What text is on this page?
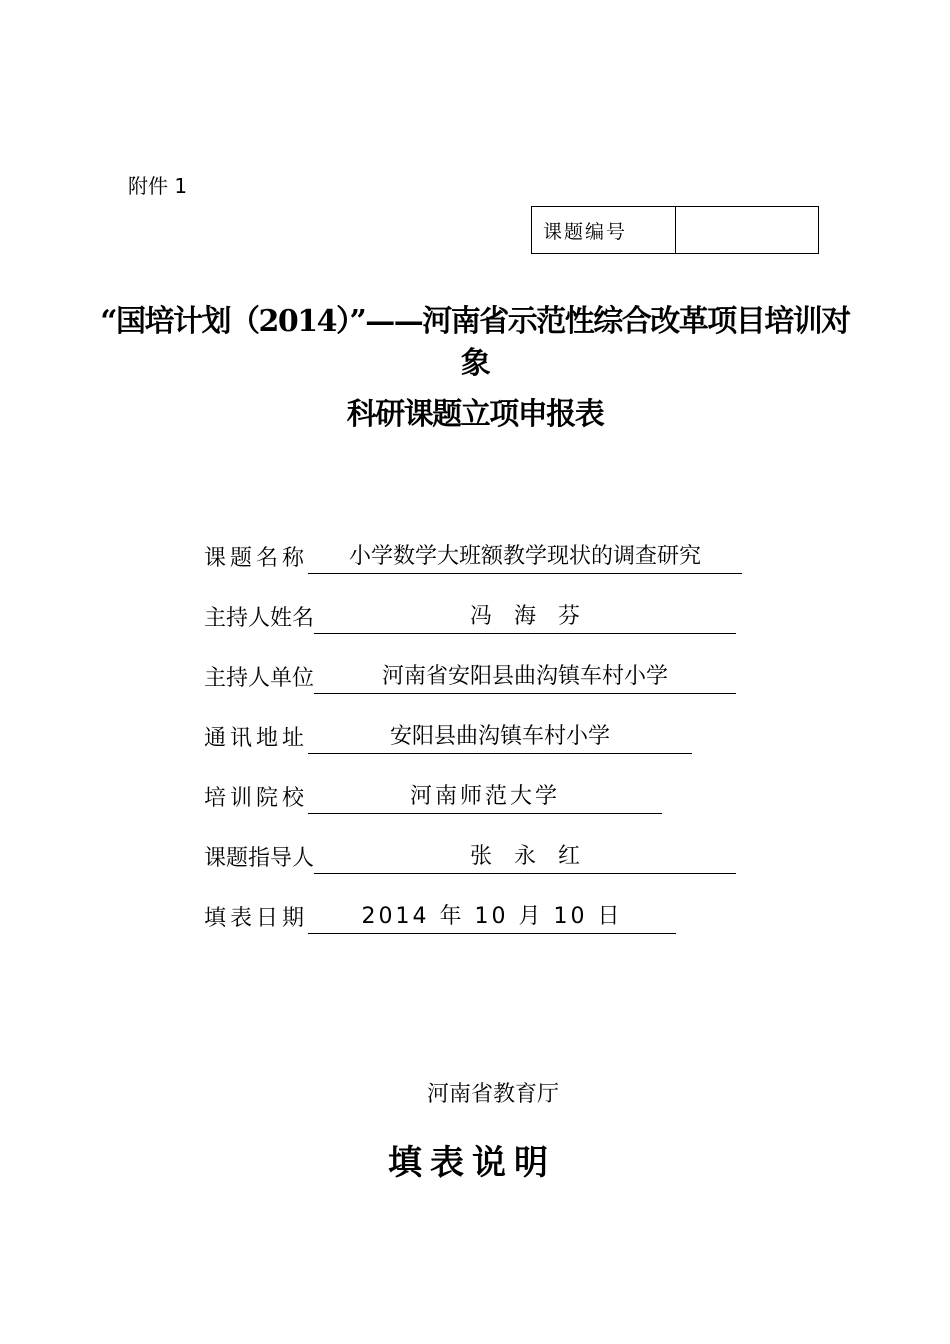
附件 1
课题编号
“国培计划（2014）”——河南省示范性综合改革项目培训对
象
科研课题立项申报表
课题名称	小学数学大班额教学现状的调查研究
主持人姓名	冯　海　芬
主持人单位	河南省安阳县曲沟镇车村小学
通讯地址	安阳县曲沟镇车村小学
培训院校	河南师范大学
课题指导人	张　永　红
填表日期	2014 年 10 月 10 日
河南省教育厅
填表说明
